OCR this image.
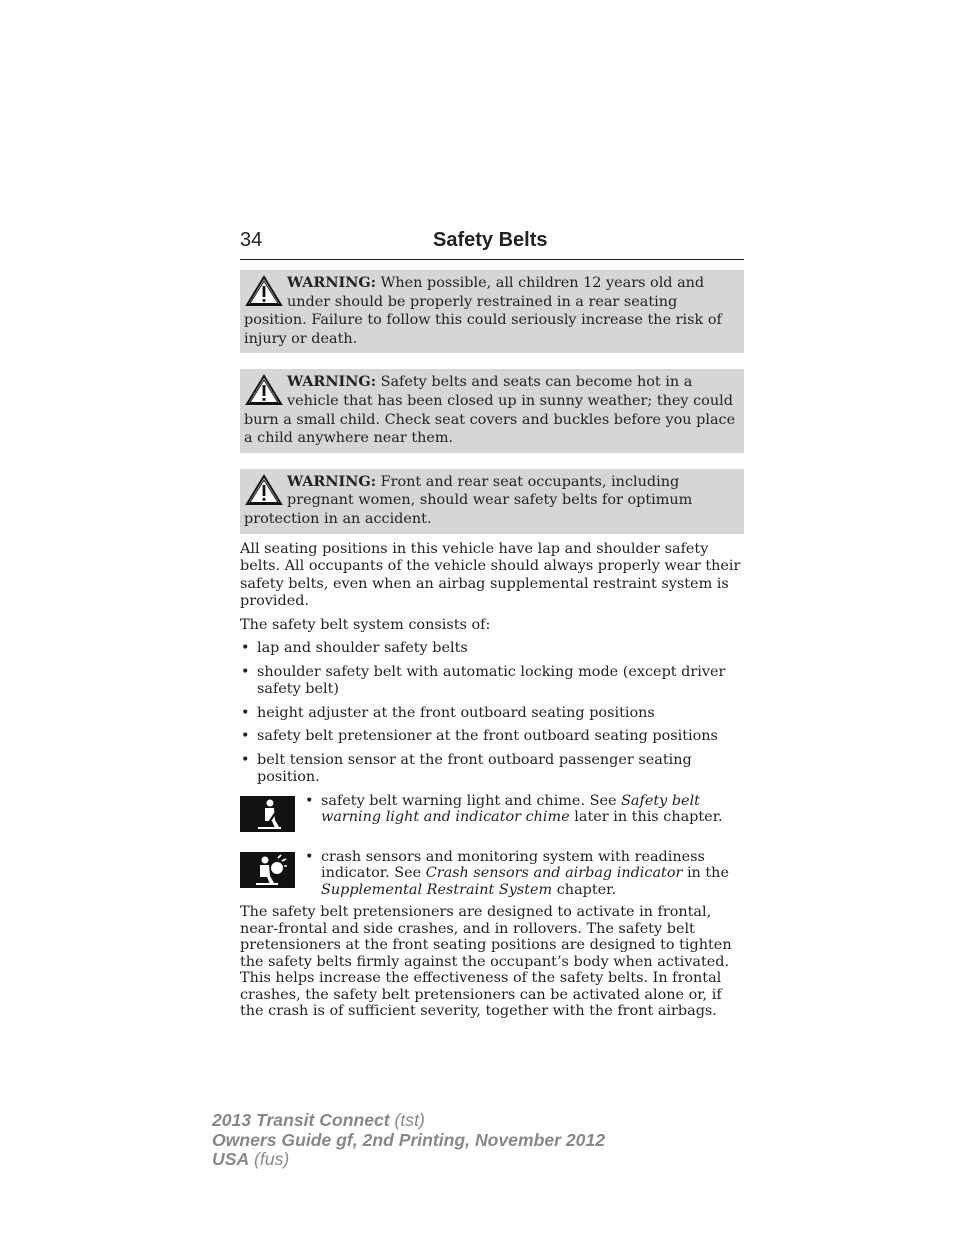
34	Safety Belts
WARNING: When possible, all children 12 years old and under should be properly restrained in a rear seating position. Failure to follow this could seriously increase the risk of injury or death.
WARNING: Safety belts and seats can become hot in a vehicle that has been closed up in sunny weather; they could burn a small child. Check seat covers and buckles before you place a child anywhere near them.
WARNING: Front and rear seat occupants, including pregnant women, should wear safety belts for optimum protection in an accident.

All seating positions in this vehicle have lap and shoulder safety belts. All occupants of the vehicle should always properly wear their safety belts, even when an airbag supplemental restraint system is provided.

The safety belt system consists of:

• lap and shoulder safety belts
• shoulder safety belt with automatic locking mode (except driver safety belt)
• height adjuster at the front outboard seating positions
• safety belt pretensioner at the front outboard seating positions
• belt tension sensor at the front outboard passenger seating position.
• safety belt warning light and chime. See Safety belt warning light and indicator chime later in this chapter.
• crash sensors and monitoring system with readiness indicator. See Crash sensors and airbag indicator in the Supplemental Restraint System chapter.

The safety belt pretensioners are designed to activate in frontal, near-frontal and side crashes, and in rollovers. The safety belt pretensioners at the front seating positions are designed to tighten the safety belts firmly against the occupant’s body when activated. This helps increase the effectiveness of the safety belts. In frontal crashes, the safety belt pretensioners can be activated alone or, if the crash is of sufficient severity, together with the front airbags.

2013 Transit Connect (tst)
Owners Guide gf, 2nd Printing, November 2012
USA (fus)
